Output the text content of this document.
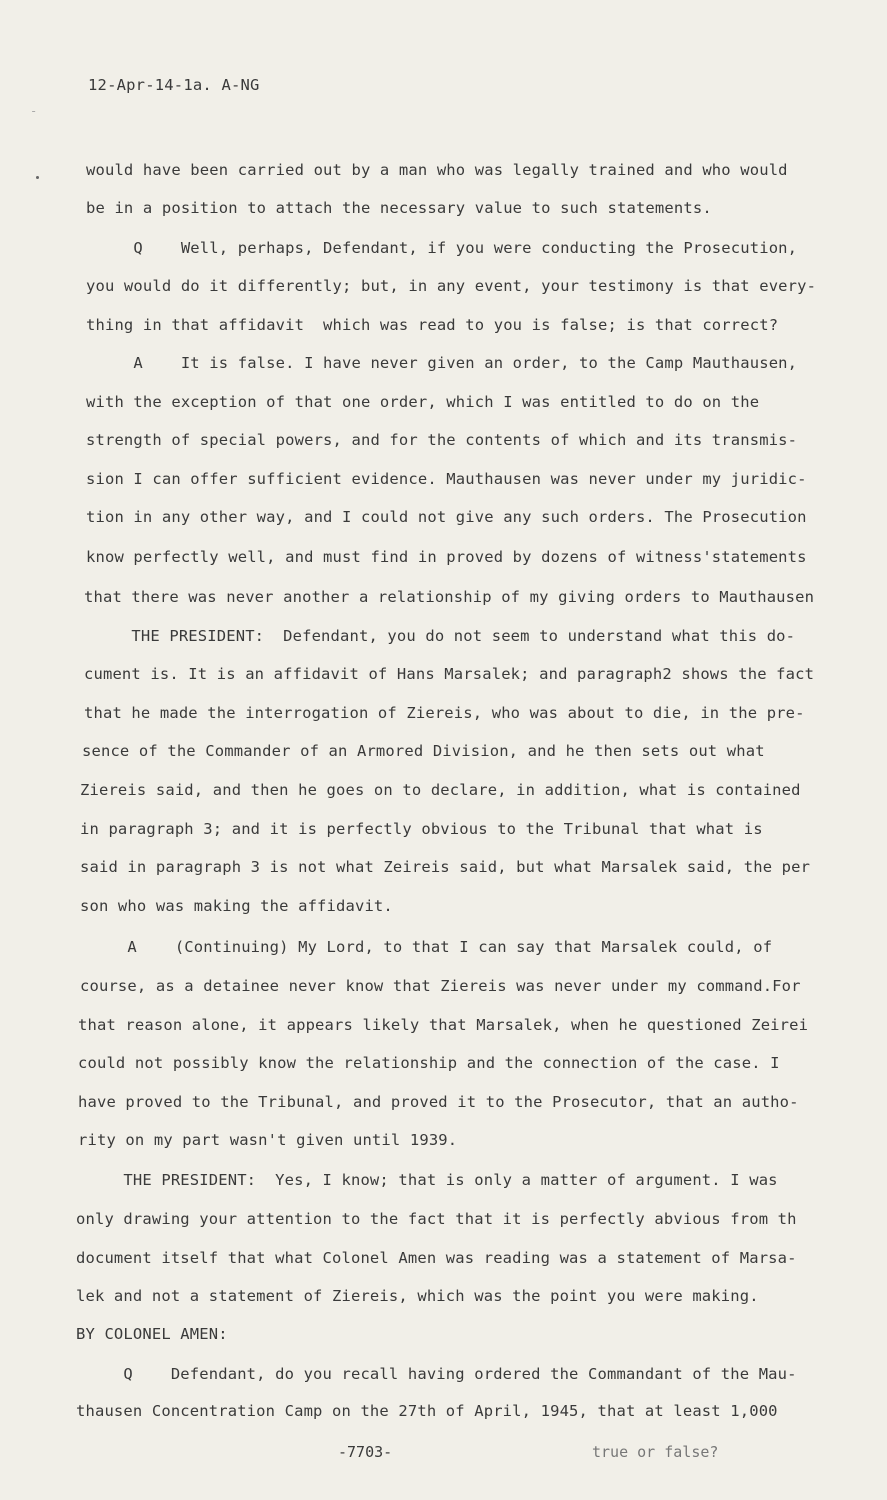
12-Apr-14-1a. A-NG
-
would have been carried out by a man who was legally trained and who would
be in a position to attach the necessary value to such statements.
Q    Well, perhaps, Defendant, if you were conducting the Prosecution,
you would do it differently; but, in any event, your testimony is that every-
thing in that affidavit  which was read to you is false; is that correct?
A    It is false. I have never given an order, to the Camp Mauthausen,
with the exception of that one order, which I was entitled to do on the
strength of special powers, and for the contents of which and its transmis-
sion I can offer sufficient evidence. Mauthausen was never under my juridic-
tion in any other way, and I could not give any such orders. The Prosecution
know perfectly well, and must find in proved by dozens of witness'statements
that there was never another a relationship of my giving orders to Mauthausen
THE PRESIDENT:  Defendant, you do not seem to understand what this do-
cument is. It is an affidavit of Hans Marsalek; and paragraph2 shows the fact
that he made the interrogation of Ziereis, who was about to die, in the pre-
sence of the Commander of an Armored Division, and he then sets out what
Ziereis said, and then he goes on to declare, in addition, what is contained
in paragraph 3; and it is perfectly obvious to the Tribunal that what is
said in paragraph 3 is not what Zeireis said, but what Marsalek said, the per
son who was making the affidavit.
A    (Continuing) My Lord, to that I can say that Marsalek could, of
course, as a detainee never know that Ziereis was never under my command.For
that reason alone, it appears likely that Marsalek, when he questioned Zeirei
could not possibly know the relationship and the connection of the case. I
have proved to the Tribunal, and proved it to the Prosecutor, that an autho-
rity on my part wasn't given until 1939.
THE PRESIDENT:  Yes, I know; that is only a matter of argument. I was
only drawing your attention to the fact that it is perfectly abvious from th
document itself that what Colonel Amen was reading was a statement of Marsa-
lek and not a statement of Ziereis, which was the point you were making.
BY COLONEL AMEN:
Q    Defendant, do you recall having ordered the Commandant of the Mau-
thausen Concentration Camp on the 27th of April, 1945, that at least 1,000
-7703-	true or false?
